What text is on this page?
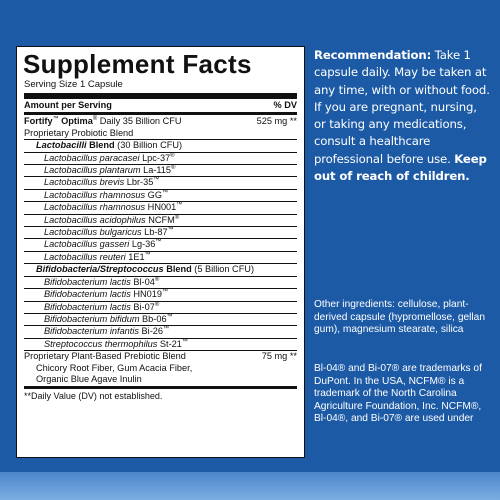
Supplement Facts
Serving Size 1 Capsule
Amount per Serving	% DV
Fortify™ Optima® Daily 35 Billion CFU	525 mg **
Proprietary Probiotic Blend
Lactobacilli Blend (30 Billion CFU)
Lactobacillus paracasei Lpc-37®
Lactobacillus plantarum La-115®
Lactobacillus brevis Lbr-35™
Lactobacillus rhamnosus GG™
Lactobacillus rhamnosus HN001™
Lactobacillus acidophilus NCFM®
Lactobacillus bulgaricus Lb-87™
Lactobacillus gasseri Lg-36™
Lactobacillus reuteri 1E1™
Bifidobacteria/Streptococcus Blend (5 Billion CFU)
Bifidobacterium lactis Bl-04®
Bifidobacterium lactis HN019™
Bifidobacterium lactis Bi-07®
Bifidobacterium bifidum Bb-06™
Bifidobacterium infantis Bi-26™
Streptococcus thermophilus St-21™
Proprietary Plant-Based Prebiotic Blend	75 mg **
Chicory Root Fiber, Gum Acacia Fiber,
Organic Blue Agave Inulin
**Daily Value (DV) not established.
Recommendation: Take 1 capsule daily. May be taken at any time, with or without food. If you are pregnant, nursing, or taking any medications, consult a healthcare professional before use. Keep out of reach of children.
Other ingredients: cellulose, plant-derived capsule (hypromellose, gellan gum), magnesium stearate, silica
Bl-04® and Bi-07® are trademarks of DuPont. In the USA, NCFM® is a trademark of the North Carolina Agriculture Foundation, Inc. NCFM®, Bl-04®, and Bi-07® are used under
